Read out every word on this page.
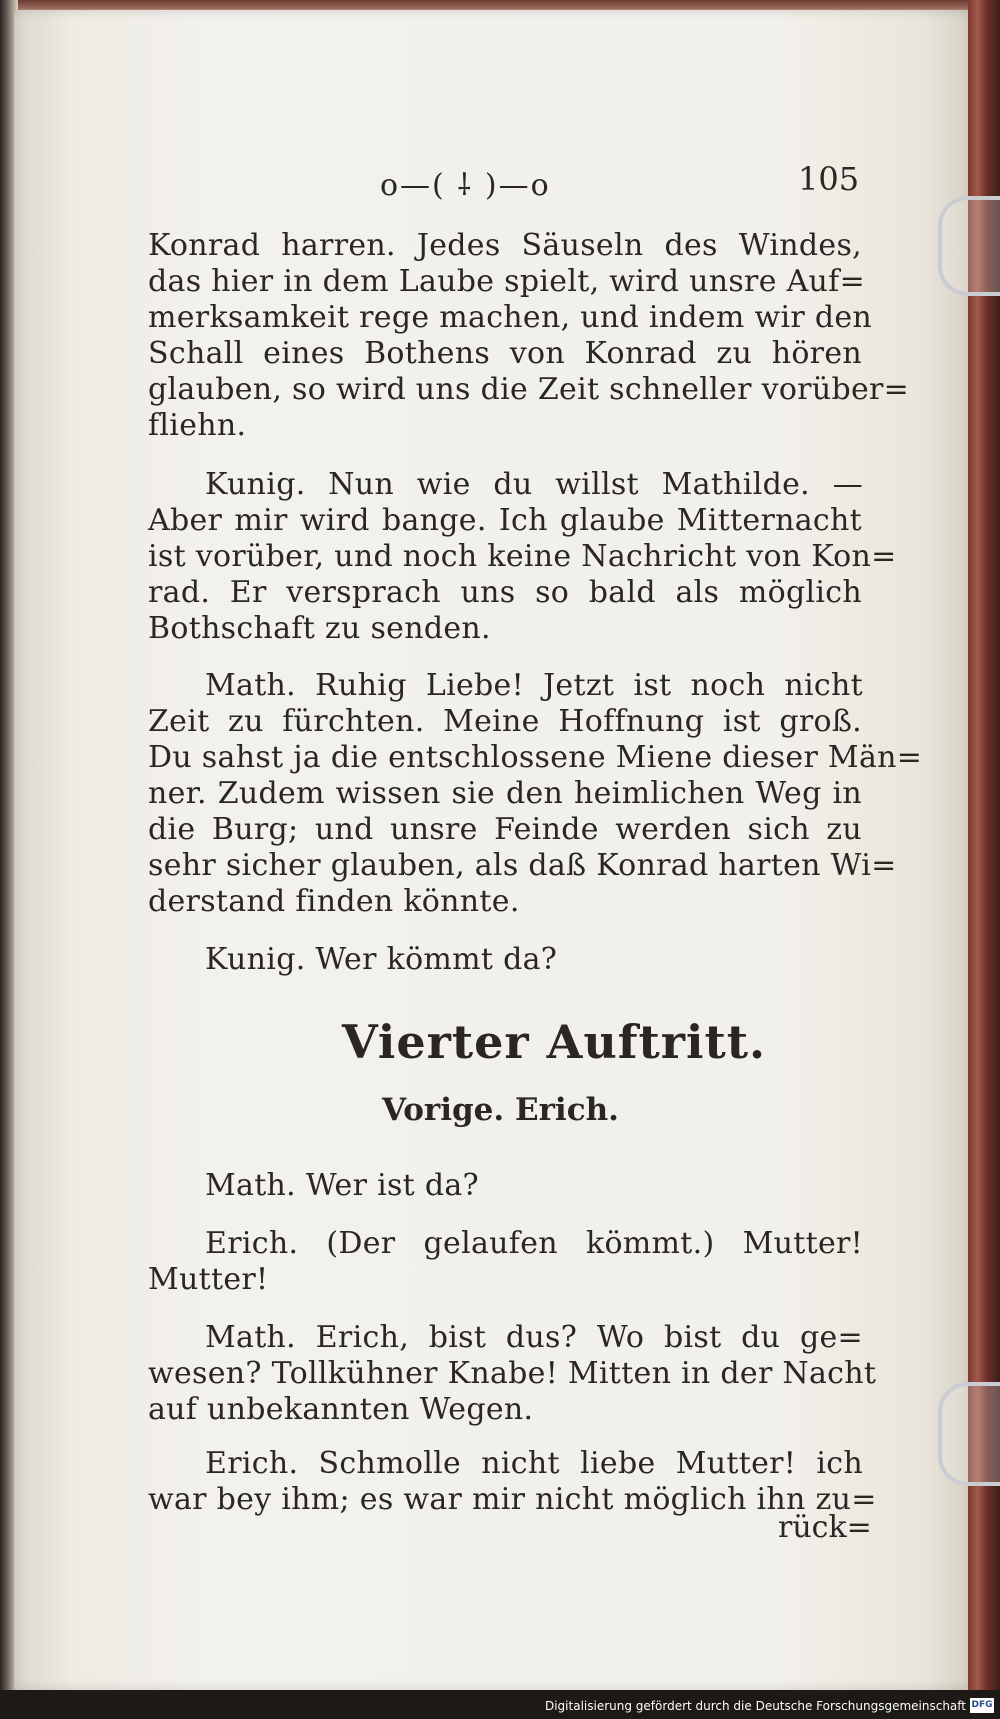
o—( ⸸ )—o	105

Konrad harren. Jedes Säuseln des Windes,

das hier in dem Laube spielt, wird unsre Auf=

merksamkeit rege machen, und indem wir den

Schall eines Bothens von Konrad zu hören

glauben, so wird uns die Zeit schneller vorüber=

fliehn.

Kunig. Nun wie du willst Mathilde. —

Aber mir wird bange. Ich glaube Mitternacht

ist vorüber, und noch keine Nachricht von Kon=

rad. Er versprach uns so bald als möglich

Bothschaft zu senden.

Math. Ruhig Liebe! Jetzt ist noch nicht

Zeit zu fürchten. Meine Hoffnung ist groß.

Du sahst ja die entschlossene Miene dieser Män=

ner. Zudem wissen sie den heimlichen Weg in

die Burg; und unsre Feinde werden sich zu

sehr sicher glauben, als daß Konrad harten Wi=

derstand finden könnte.

Kunig. Wer kömmt da?

Vierter Auftritt.

Vorige. Erich.

Math. Wer ist da?

Erich. (Der gelaufen kömmt.) Mutter!

Mutter!

Math. Erich, bist dus? Wo bist du ge=

wesen? Tollkühner Knabe! Mitten in der Nacht

auf unbekannten Wegen.

Erich. Schmolle nicht liebe Mutter! ich

war bey ihm; es war mir nicht möglich ihn zu=

rück=

Digitalisierung gefördert durch die Deutsche Forschungsgemeinschaft DFG
